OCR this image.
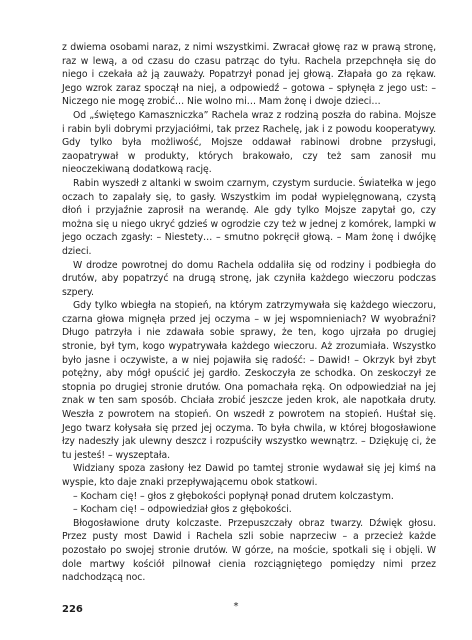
z dwiema osobami naraz, z nimi wszystkimi. Zwracał głowę raz w prawą stronę, raz w lewą, a od czasu do czasu patrząc do tyłu. Rachela przepchnęła się do niego i czekała aż ją zauważy. Popatrzył ponad jej głową. Złapała go za rękaw. Jego wzrok zaraz spoczął na niej, a odpowiedź – gotowa – spłynęła z jego ust: – Niczego nie mogę zrobić… Nie wolno mi… Mam żonę i dwoje dzieci…

Od „świętego Kamasznic​zka” Rachela wraz z rodziną poszła do rabina. Mojsze i rabin byli dobrymi przyjaciółmi, tak przez Rachelę, jak i z powodu kooperatywy. Gdy tylko była możliwość, Mojsze oddawał rabinowi drobne przysługi, zaopatrywał w produkty, których brakowało, czy też sam zanosił mu nieoczekiwaną dodatkową rację.

Rabin wyszedł z altanki w swoim czarnym, czystym surducie. Światełka w jego oczach to zapalały się, to gasły. Wszystkim im podał wypielęgnowaną, czystą dłoń i przyjaźnie zaprosił na werandę. Ale gdy tylko Mojsze zapytał go, czy można się u niego ukryć gdzieś w ogrodzie czy też w jednej z komórek, lampki w jego oczach zgasły: – Niestety… – smutno pokręcił głową. – Mam żonę i dwójkę dzieci.

W drodze powrotnej do domu Rachela oddaliła się od rodziny i podbiegła do drutów, aby popatrzyć na drugą stronę, jak czyniła każdego wieczoru podczas szpery.

Gdy tylko wbiegła na stopień, na którym zatrzymywała się każdego wieczoru, czarna głowa mignęła przed jej oczyma – w jej wspomnieniach? W wyobraźni? Długo patrzyła i nie zdawała sobie sprawy, że ten, kogo ujrzała po drugiej stronie, był tym, kogo wypatrywała każdego wieczoru. Aż zrozumiała. Wszystko było jasne i oczywiste, a w niej pojawiła się radość: – Dawid! – Okrzyk był zbyt potężny, aby mógł opuścić jej gardło. Zeskoczyła ze schodka. On zeskoczył ze stopnia po drugiej stronie drutów. Ona pomachała ręką. On odpowiedział na jej znak w ten sam sposób. Chciała zrobić jeszcze jeden krok, ale napotkała druty. Weszła z powrotem na stopień. On wszedł z powrotem na stopień. Huśtał się. Jego twarz kołysała się przed jej oczyma. To była chwila, w której błogosławione łzy nadeszły jak ulewny deszcz i rozpuściły wszystko wewnątrz. – Dziękuję ci, że tu jesteś! – wyszeptała.

Widziany spoza zasłony łez Dawid po tamtej stronie wydawał się jej kimś na wyspie, kto daje znaki przepływającemu obok statkowi.

– Kocham cię! – głos z głębokości popłynął ponad drutem kolczastym.

– Kocham cię! – odpowiedział głos z głębokości.

Błogosławione druty kolczaste. Przepuszczały obraz twarzy. Dźwięk głosu. Przez pusty most Dawid i Rachela szli sobie naprzeciw – a przecież każde pozostało po swojej stronie drutów. W górze, na moście, spotkali się i objęli. W dole martwy kościół pilnował cienia rozciągniętego pomiędzy nimi przez nadchodzącą noc.

226	*
